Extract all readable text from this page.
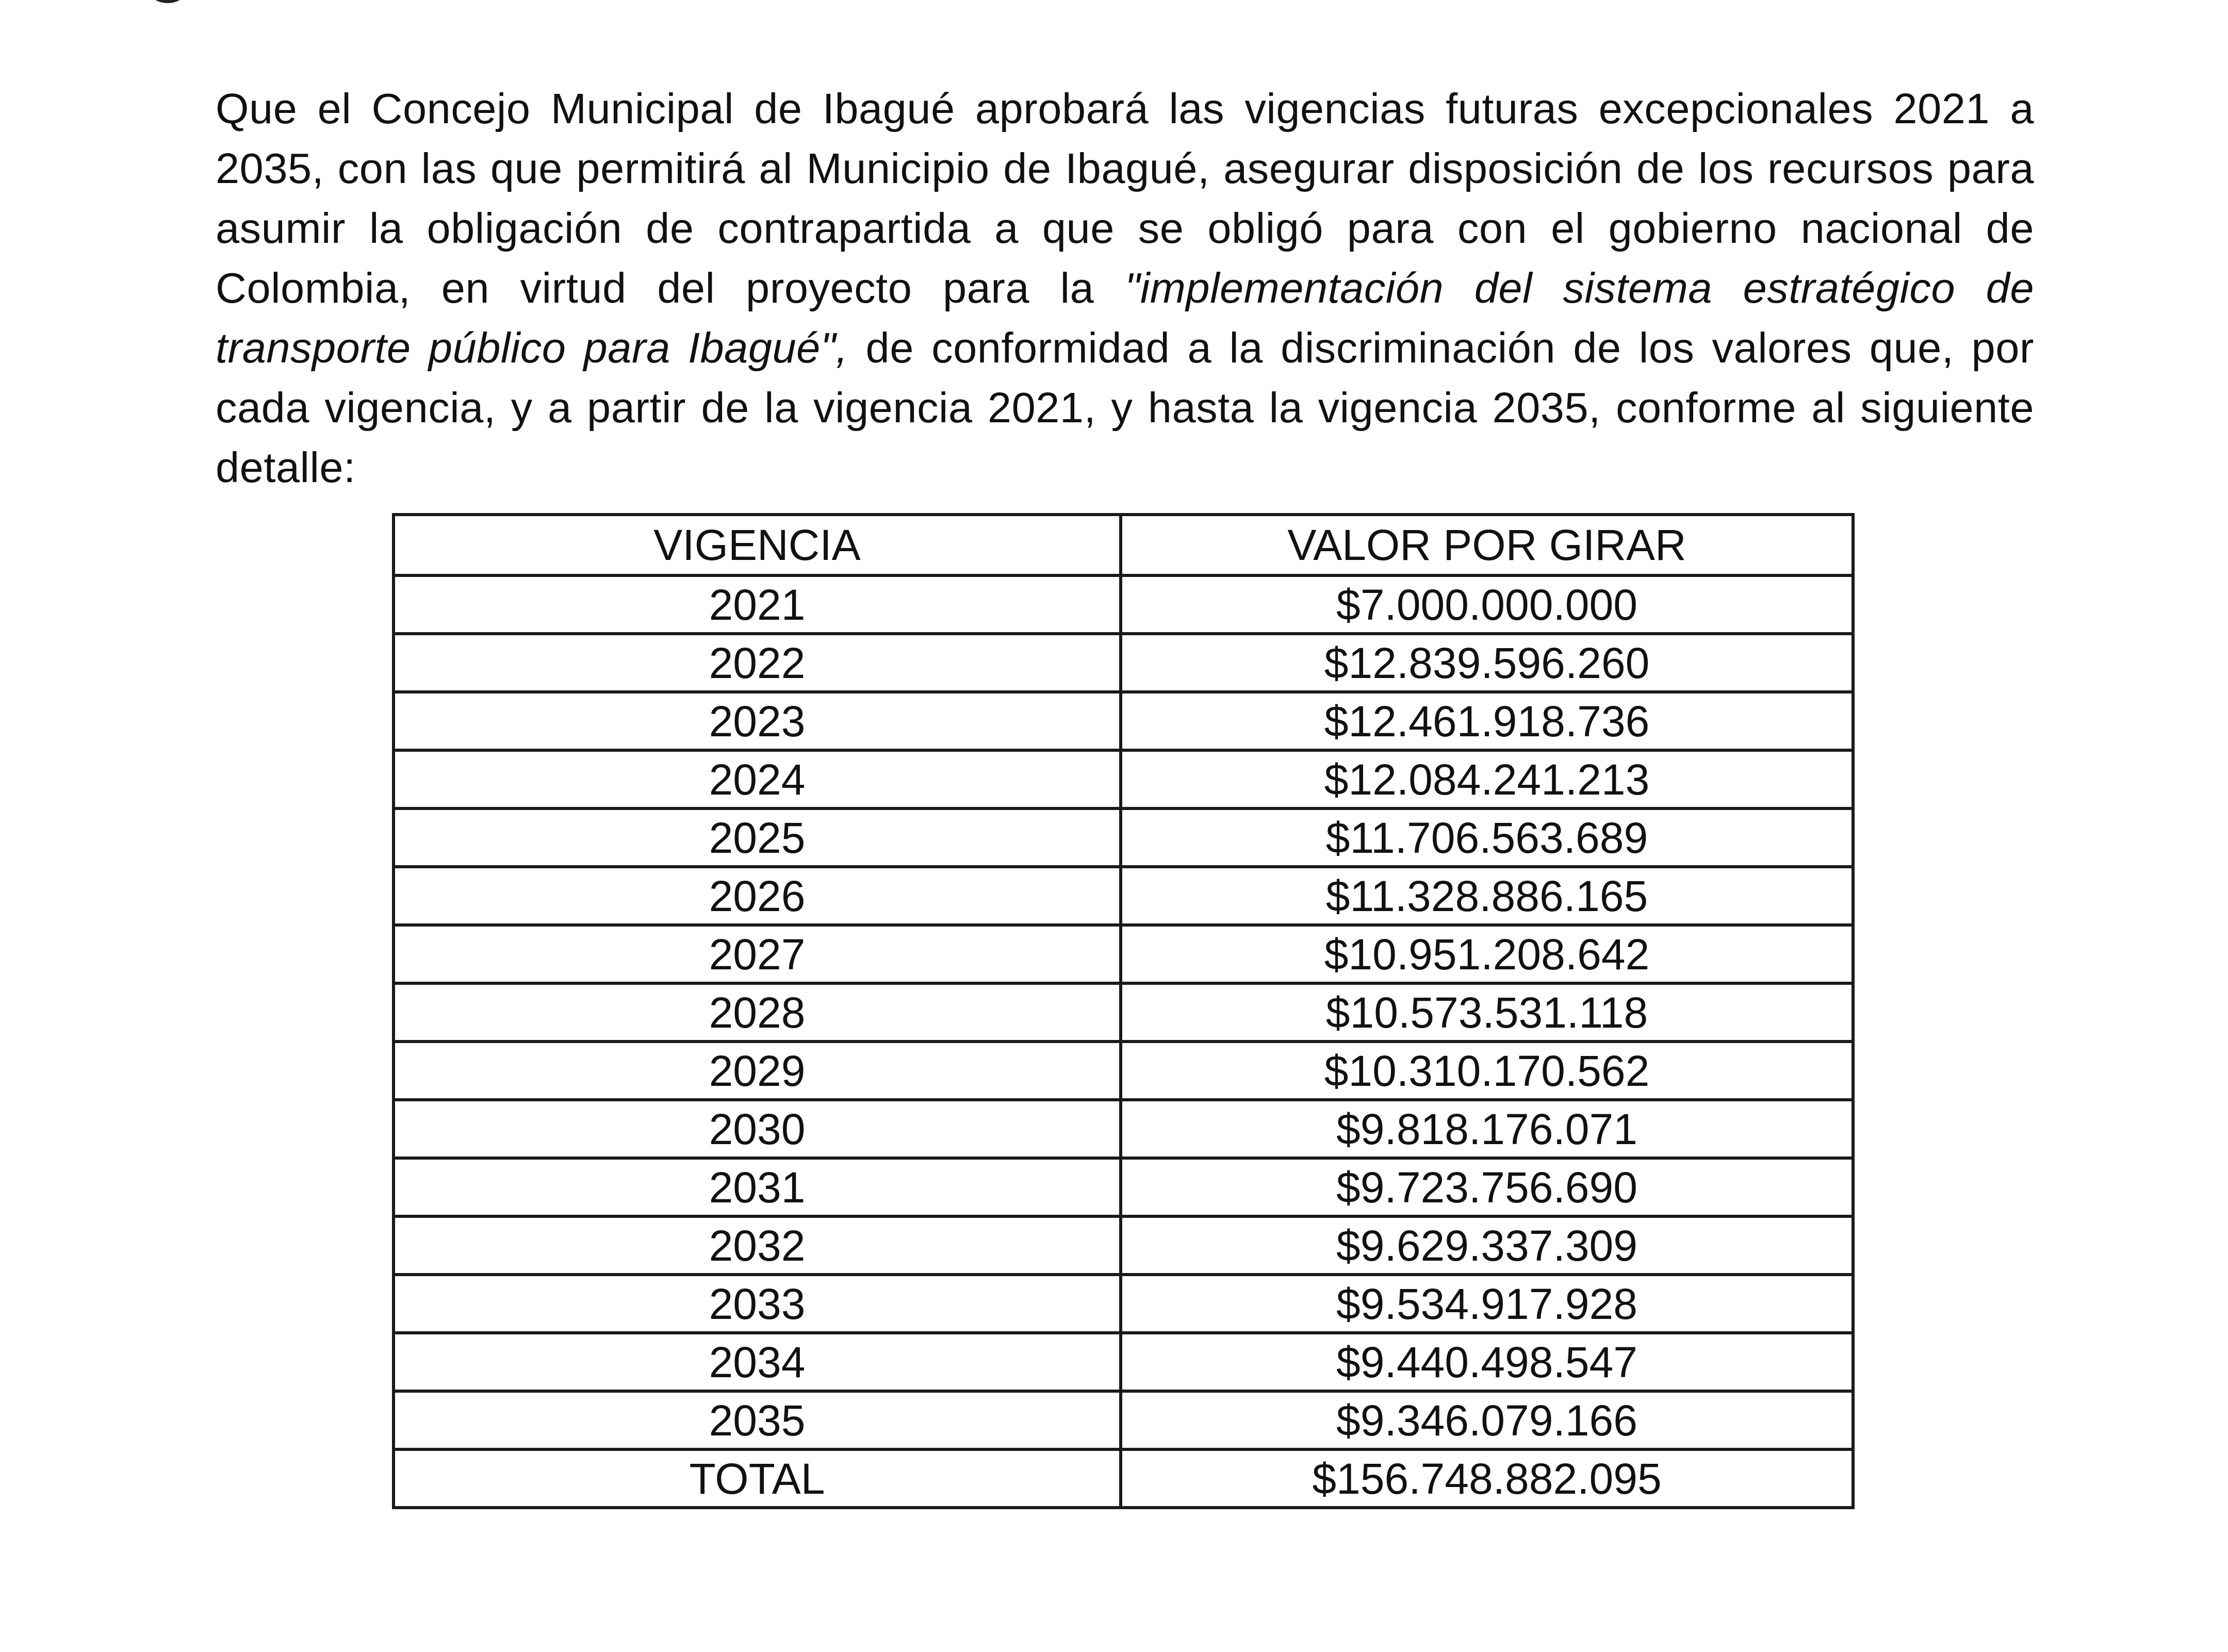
Que el Concejo Municipal de Ibagué aprobará las vigencias futuras excepcionales 2021 a 2035, con las que permitirá al Municipio de Ibagué, asegurar disposición de los recursos para asumir la obligación de contrapartida a que se obligó para con el gobierno nacional de Colombia, en virtud del proyecto para la "implementación del sistema estratégico de transporte público para Ibagué", de conformidad a la discriminación de los valores que, por cada vigencia, y a partir de la vigencia 2021, y hasta la vigencia 2035, conforme al siguiente detalle:

VIGENCIA	VALOR POR GIRAR
2021	$7.000.000.000
2022	$12.839.596.260
2023	$12.461.918.736
2024	$12.084.241.213
2025	$11.706.563.689
2026	$11.328.886.165
2027	$10.951.208.642
2028	$10.573.531.118
2029	$10.310.170.562
2030	$9.818.176.071
2031	$9.723.756.690
2032	$9.629.337.309
2033	$9.534.917.928
2034	$9.440.498.547
2035	$9.346.079.166
TOTAL	$156.748.882.095
